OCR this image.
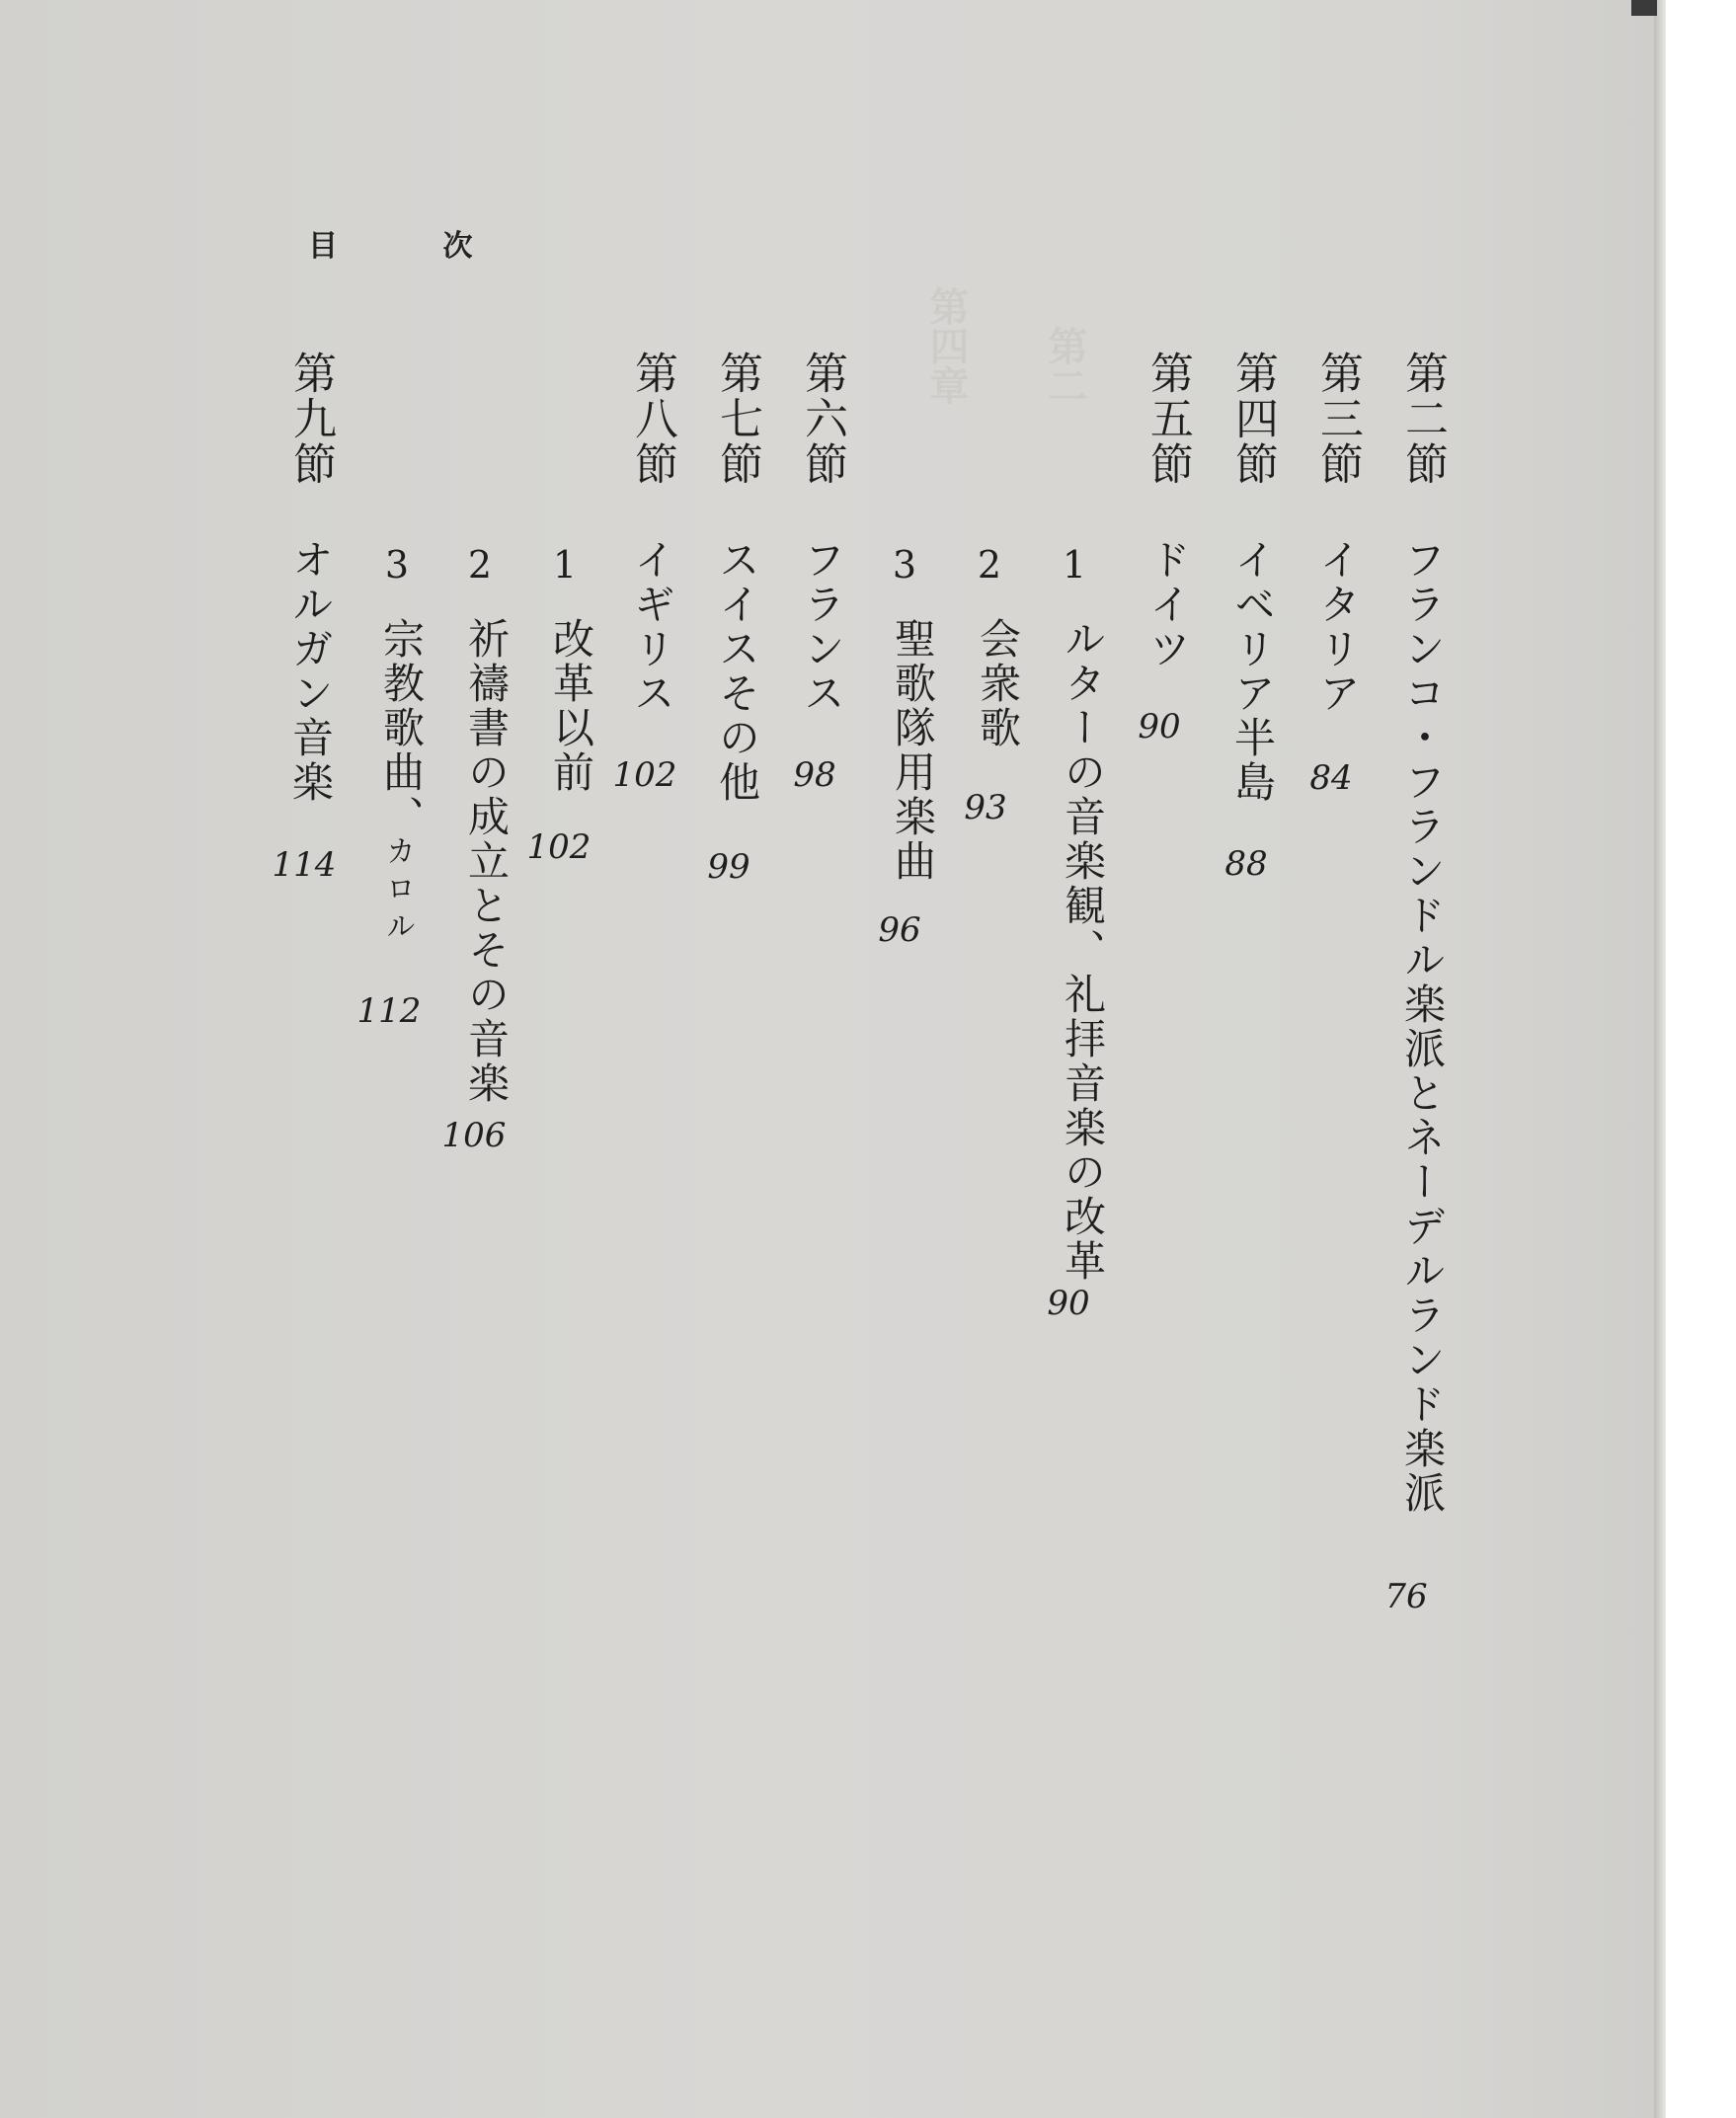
第四章 第二
目 次
第二節
フランコ・フランドル楽派とネーデルランド楽派
76
第三節
イタリア
84
第四節
イベリア半島
88
第五節
ドイツ
90
1
ルターの音楽観、礼拝音楽の改革
90
2
会衆歌
93
3
聖歌隊用楽曲
96
第六節
フランス
98
第七節
スイスその他
99
第八節
イギリス
102
1
改革以前
102
2
祈禱書の成立とその音楽
106
3
宗教歌曲、
カロル
112
第九節
オルガン音楽
114
